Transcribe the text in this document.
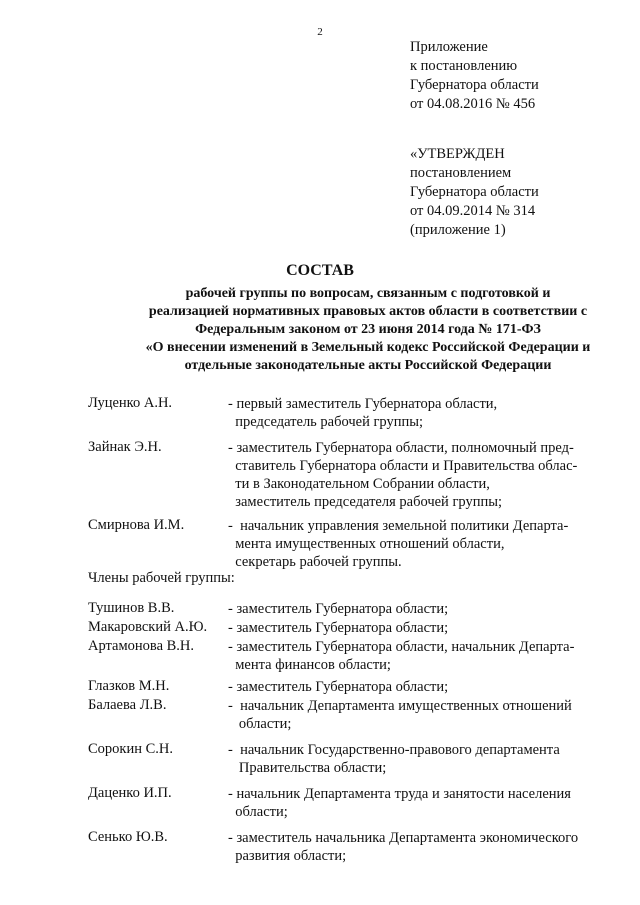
2
Приложение
к постановлению
Губернатора области
от 04.08.2016 № 456
«УТВЕРЖДЕН
постановлением
Губернатора области
от 04.09.2014 № 314
(приложение 1)
СОСТАВ
рабочей группы по вопросам, связанным с подготовкой и
реализацией нормативных правовых актов области в соответствии с
Федеральным законом от 23 июня 2014 года № 171-ФЗ
«О внесении изменений в Земельный кодекс Российской Федерации и
отдельные законодательные акты Российской Федерации
Луценко А.Н.	- первый заместитель Губернатора области,
председатель рабочей группы;
Зайнак Э.Н.	- заместитель Губернатора области, полномочный пред-
ставитель Губернатора области и Правительства облас-
ти в Законодательном Собрании области,
заместитель председателя рабочей группы;
Смирнова И.М.	-  начальник управления земельной политики Департа-
мента имущественных отношений области,
секретарь рабочей группы.
Члены рабочей группы:
Тушинов В.В.	- заместитель Губернатора области;
Макаровский А.Ю.	- заместитель Губернатора области;
Артамонова В.Н.	- заместитель Губернатора области, начальник Департа-
мента финансов области;
Глазков М.Н.	- заместитель Губернатора области;
Балаева Л.В.	-  начальник Департамента имущественных отношений
области;
Сорокин С.Н.	-  начальник Государственно-правового департамента
Правительства области;
Даценко И.П.	- начальник Департамента труда и занятости населения
области;
Сенько Ю.В.	- заместитель начальника Департамента экономического
развития области;
